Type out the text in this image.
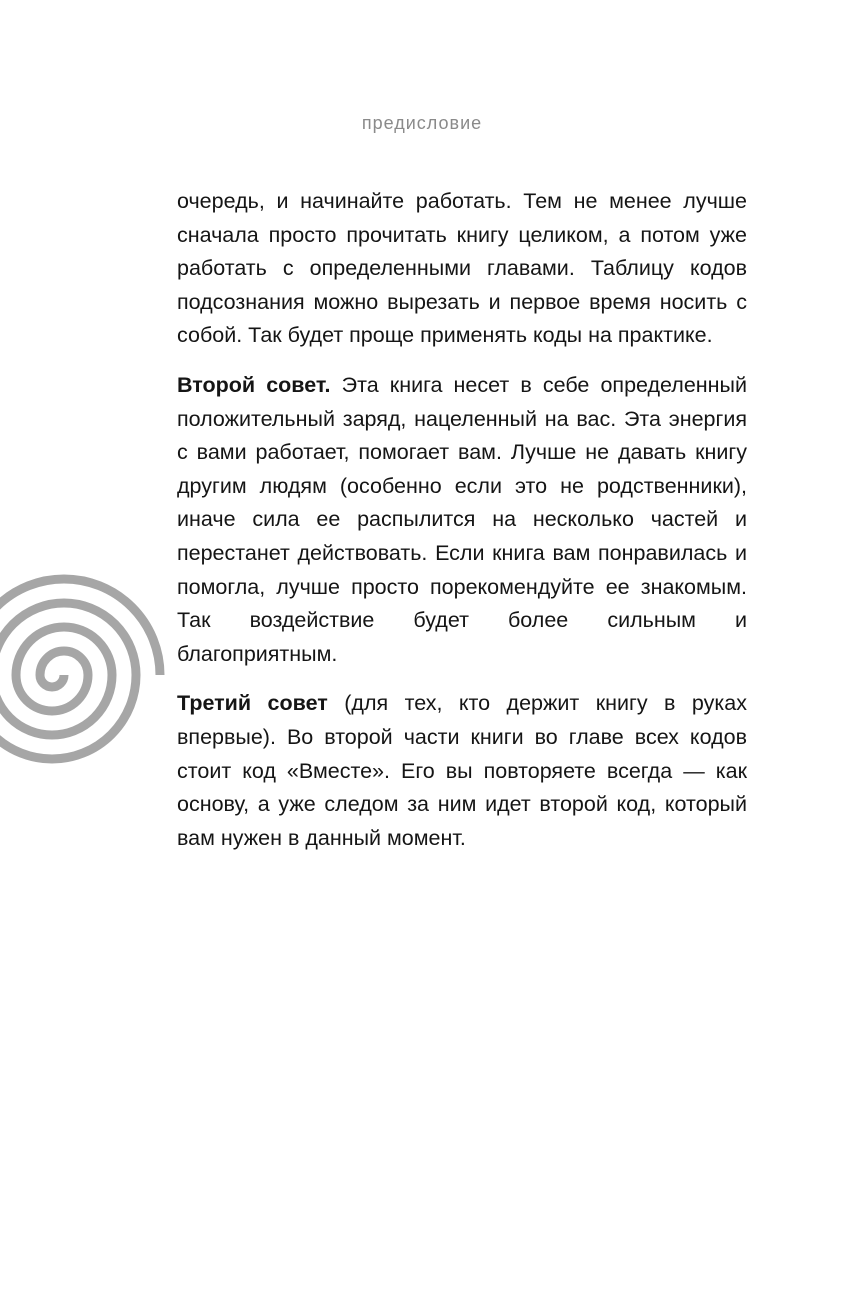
предисловие

очередь, и начинайте работать. Тем не менее лучше сначала просто прочитать книгу целиком, а потом уже работать с определенными главами. Таблицу кодов подсознания можно вырезать и первое время носить с собой. Так будет проще применять коды на практике.

Второй совет. Эта книга несет в себе определенный положительный заряд, нацеленный на вас. Эта энергия с вами работает, помогает вам. Лучше не давать книгу другим людям (особенно если это не родственники), иначе сила ее распылится на несколько частей и перестанет действовать. Если книга вам понравилась и помогла, лучше просто порекомендуйте ее знакомым. Так воздействие будет более сильным и благоприятным.

Третий совет (для тех, кто держит книгу в руках впервые). Во второй части книги во главе всех кодов стоит код «Вместе». Его вы повторяете всегда — как основу, а уже следом за ним идет второй код, который вам нужен в данный момент.
